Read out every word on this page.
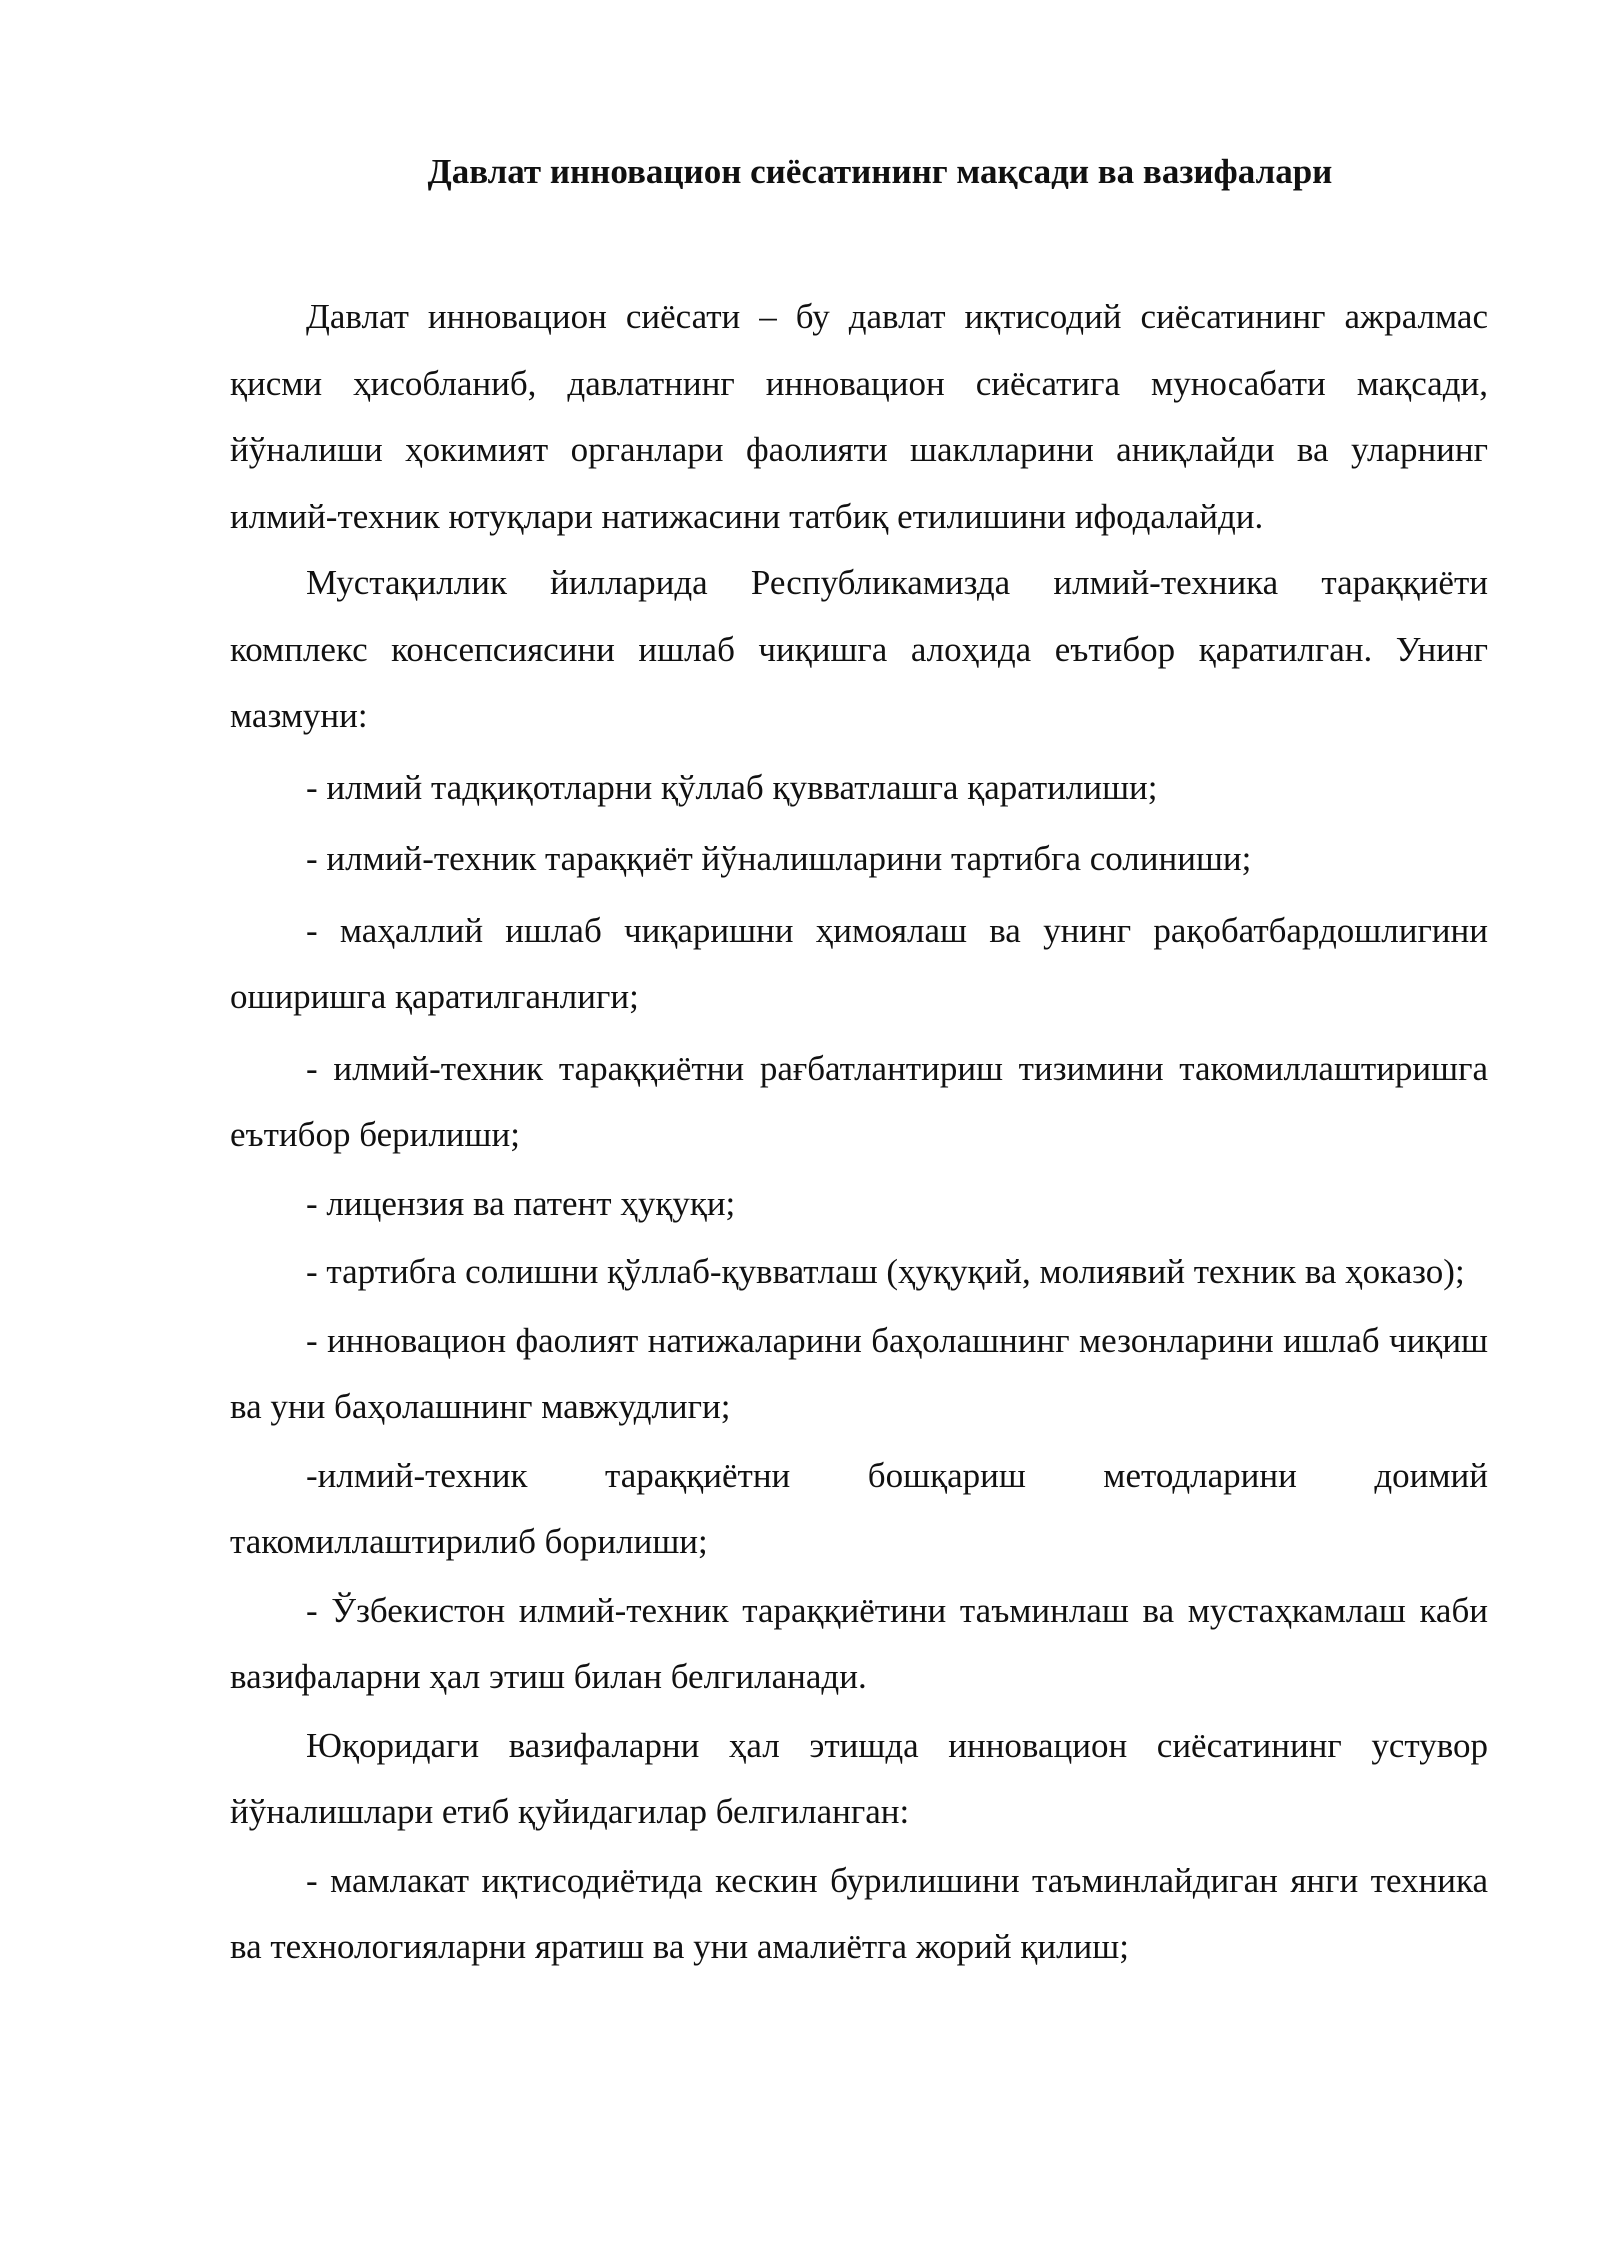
Давлат инновацион сиёсатининг мақсади ва вазифалари

Давлат инновацион сиёсати – бу давлат иқтисодий сиёсатининг ажралмас қисми ҳисобланиб, давлатнинг инновацион сиёсатига муносабати мақсади, йўналиши ҳокимият органлари фаолияти шаклларини аниқлайди ва уларнинг илмий-техник ютуқлари натижасини татбиқ етилишини ифодалайди.

Мустақиллик йилларида Республикамизда илмий-техника тараққиёти комплекс консепсиясини ишлаб чиқишга алоҳида еътибор қаратилган. Унинг мазмуни:

- илмий тадқиқотларни қўллаб қувватлашга қаратилиши;

- илмий-техник тараққиёт йўналишларини тартибга солиниши;

- маҳаллий ишлаб чиқаришни ҳимоялаш ва унинг рақобатбардошлигини оширишга қаратилганлиги;

- илмий-техник тараққиётни рағбатлантириш тизимини такомиллаштиришга еътибор берилиши;

- лицензия ва патент ҳуқуқи;

- тартибга солишни қўллаб-қувватлаш (ҳуқуқий, молиявий техник ва ҳоказо);

- инновацион фаолият натижаларини баҳолашнинг мезонларини ишлаб чиқиш ва уни баҳолашнинг мавжудлиги;

-илмий-техник тараққиётни бошқариш методларини доимий такомиллаштирилиб борилиши;

- Ўзбекистон илмий-техник тараққиётини таъминлаш ва мустаҳкамлаш каби вазифаларни ҳал этиш билан белгиланади.

Юқоридаги вазифаларни ҳал этишда инновацион сиёсатининг устувор йўналишлари етиб қуйидагилар белгиланган:

- мамлакат иқтисодиётида кескин бурилишини таъминлайдиган янги техника ва технологияларни яратиш ва уни амалиётга жорий қилиш;
